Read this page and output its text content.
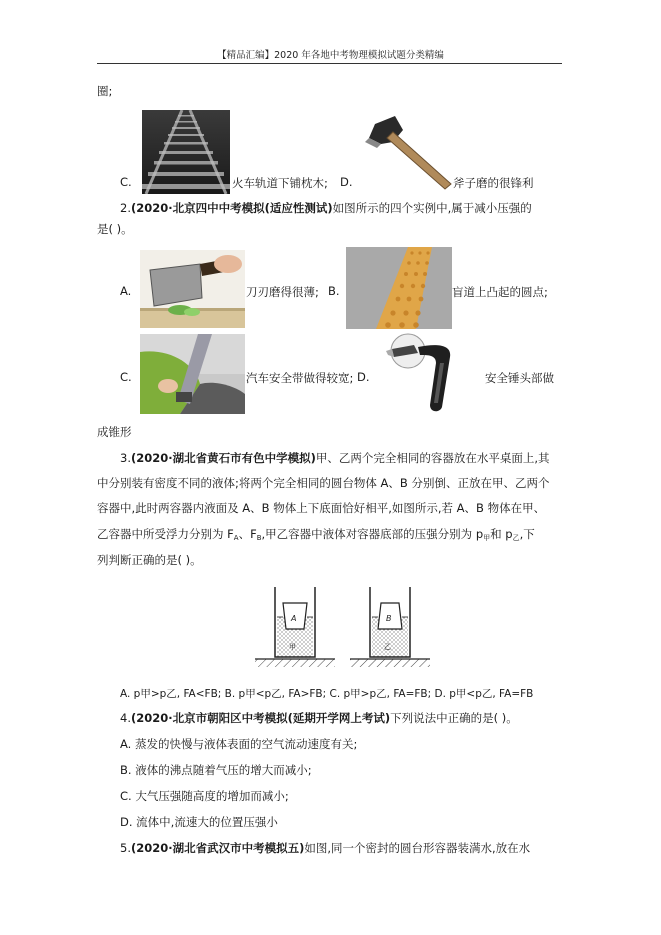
【精品汇编】2020 年各地中考物理模拟试题分类精编
圈;
C.	火车轨道下铺枕木; D.	斧子磨的很锋利
2.(2020·北京四中中考模拟(适应性测试)如图所示的四个实例中,属于减小压强的
是( )。
A.	刀刃磨得很薄; B.	盲道上凸起的圆点;
C.	汽车安全带做得较宽; D.	安全锤头部做
成锥形
3.(2020·湖北省黄石市有色中学模拟)甲、乙两个完全相同的容器放在水平桌面上,其
中分别装有密度不同的液体;将两个完全相同的圆台物体 A、B 分别倒、正放在甲、乙两个
容器中,此时两容器内液面及 A、B 物体上下底面恰好相平,如图所示,若 A、B 物体在甲、
乙容器中所受浮力分别为 $F_A$、$F_B$,甲乙容器中液体对容器底部的压强分别为 $p_甲$和 $p_乙$,下
列判断正确的是( )。
A
甲
B
乙
A. p甲>p乙, FA<FB; B. p甲<p乙, FA>FB; C. p甲>p乙, FA=FB; D. p甲<p乙, FA=FB
4.(2020·北京市朝阳区中考模拟(延期开学网上考试)下列说法中正确的是( )。
A. 蒸发的快慢与液体表面的空气流动速度有关;
B. 液体的沸点随着气压的增大而减小;
C. 大气压强随高度的增加而减小;
D. 流体中,流速大的位置压强小
5.(2020·湖北省武汉市中考模拟五)如图,同一个密封的圆台形容器装满水,放在水
